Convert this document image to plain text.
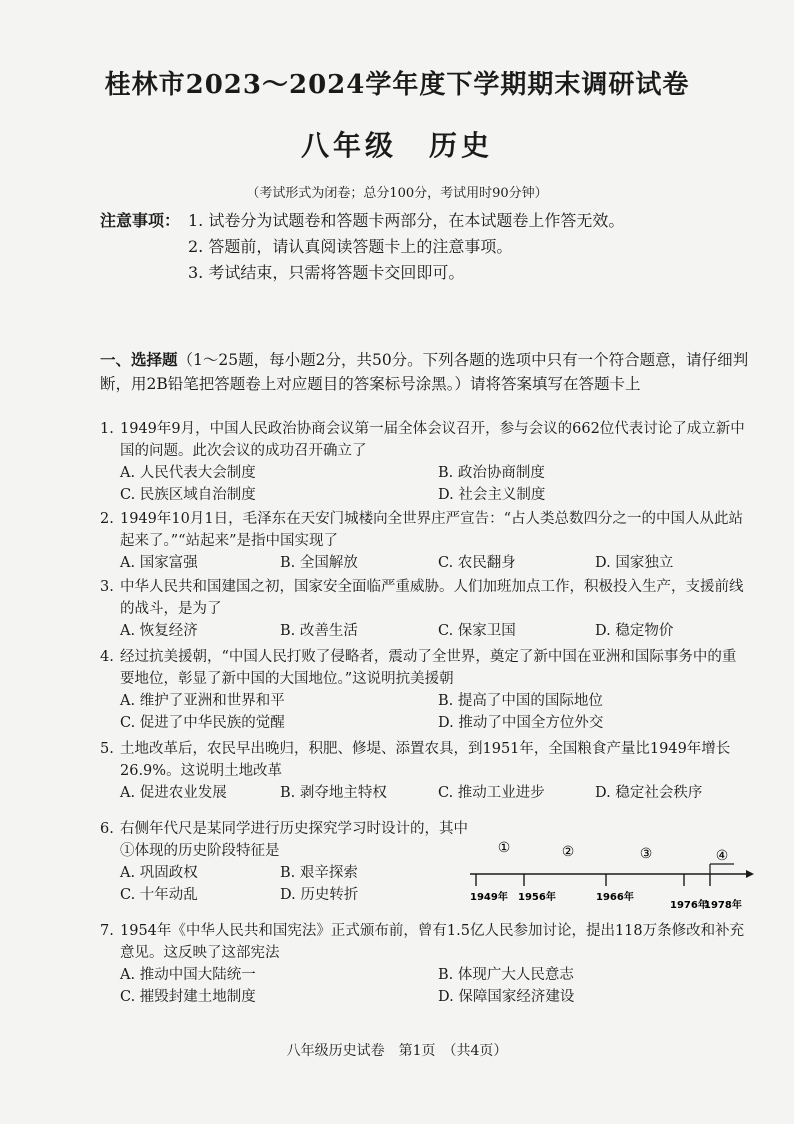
桂林市2023～2024学年度下学期期末调研试卷
八年级　历史
（考试形式为闭卷；总分100分，考试用时90分钟）
注意事项： 1. 试卷分为试题卷和答题卡两部分，在本试题卷上作答无效。
2. 答题前，请认真阅读答题卡上的注意事项。
3. 考试结束，只需将答题卡交回即可。
一、选择题（1～25题，每小题2分，共50分。下列各题的选项中只有一个符合题意，请仔细判断，用2B铅笔把答题卷上对应题目的答案标号涂黑。）请将答案填写在答题卡上
1. 1949年9月，中国人民政治协商会议第一届全体会议召开，参与会议的662位代表讨论了成立新中国的问题。此次会议的成功召开确立了
A. 人民代表大会制度	B. 政治协商制度
C. 民族区域自治制度	D. 社会主义制度
2. 1949年10月1日，毛泽东在天安门城楼向全世界庄严宣告：“占人类总数四分之一的中国人从此站起来了。”“站起来”是指中国实现了
A. 国家富强	B. 全国解放	C. 农民翻身	D. 国家独立
3. 中华人民共和国建国之初，国家安全面临严重威胁。人们加班加点工作，积极投入生产，支援前线的战斗，是为了
A. 恢复经济	B. 改善生活	C. 保家卫国	D. 稳定物价
4. 经过抗美援朝，“中国人民打败了侵略者，震动了全世界，奠定了新中国在亚洲和国际事务中的重要地位，彰显了新中国的大国地位。”这说明抗美援朝
A. 维护了亚洲和世界和平	B. 提高了中国的国际地位
C. 促进了中华民族的觉醒	D. 推动了中国全方位外交
5. 土地改革后，农民早出晚归，积肥、修堤、添置农具，到1951年，全国粮食产量比1949年增长26.9%。这说明土地改革
A. 促进农业发展	B. 剥夺地主特权	C. 推动工业进步	D. 稳定社会秩序
6. 右侧年代尺是某同学进行历史探究学习时设计的，其中①体现的历史阶段特征是
A. 巩固政权	B. 艰辛探索
C. 十年动乱	D. 历史转折
①	②	③	④
1949年 1956年	1966年
1976年
1978年
7. 1954年《中华人民共和国宪法》正式颁布前，曾有1.5亿人民参加讨论，提出118万条修改和补充意见。这反映了这部宪法
A. 推动中国大陆统一	B. 体现广大人民意志
C. 摧毁封建土地制度	D. 保障国家经济建设
八年级历史试卷　第1页　（共4页）
